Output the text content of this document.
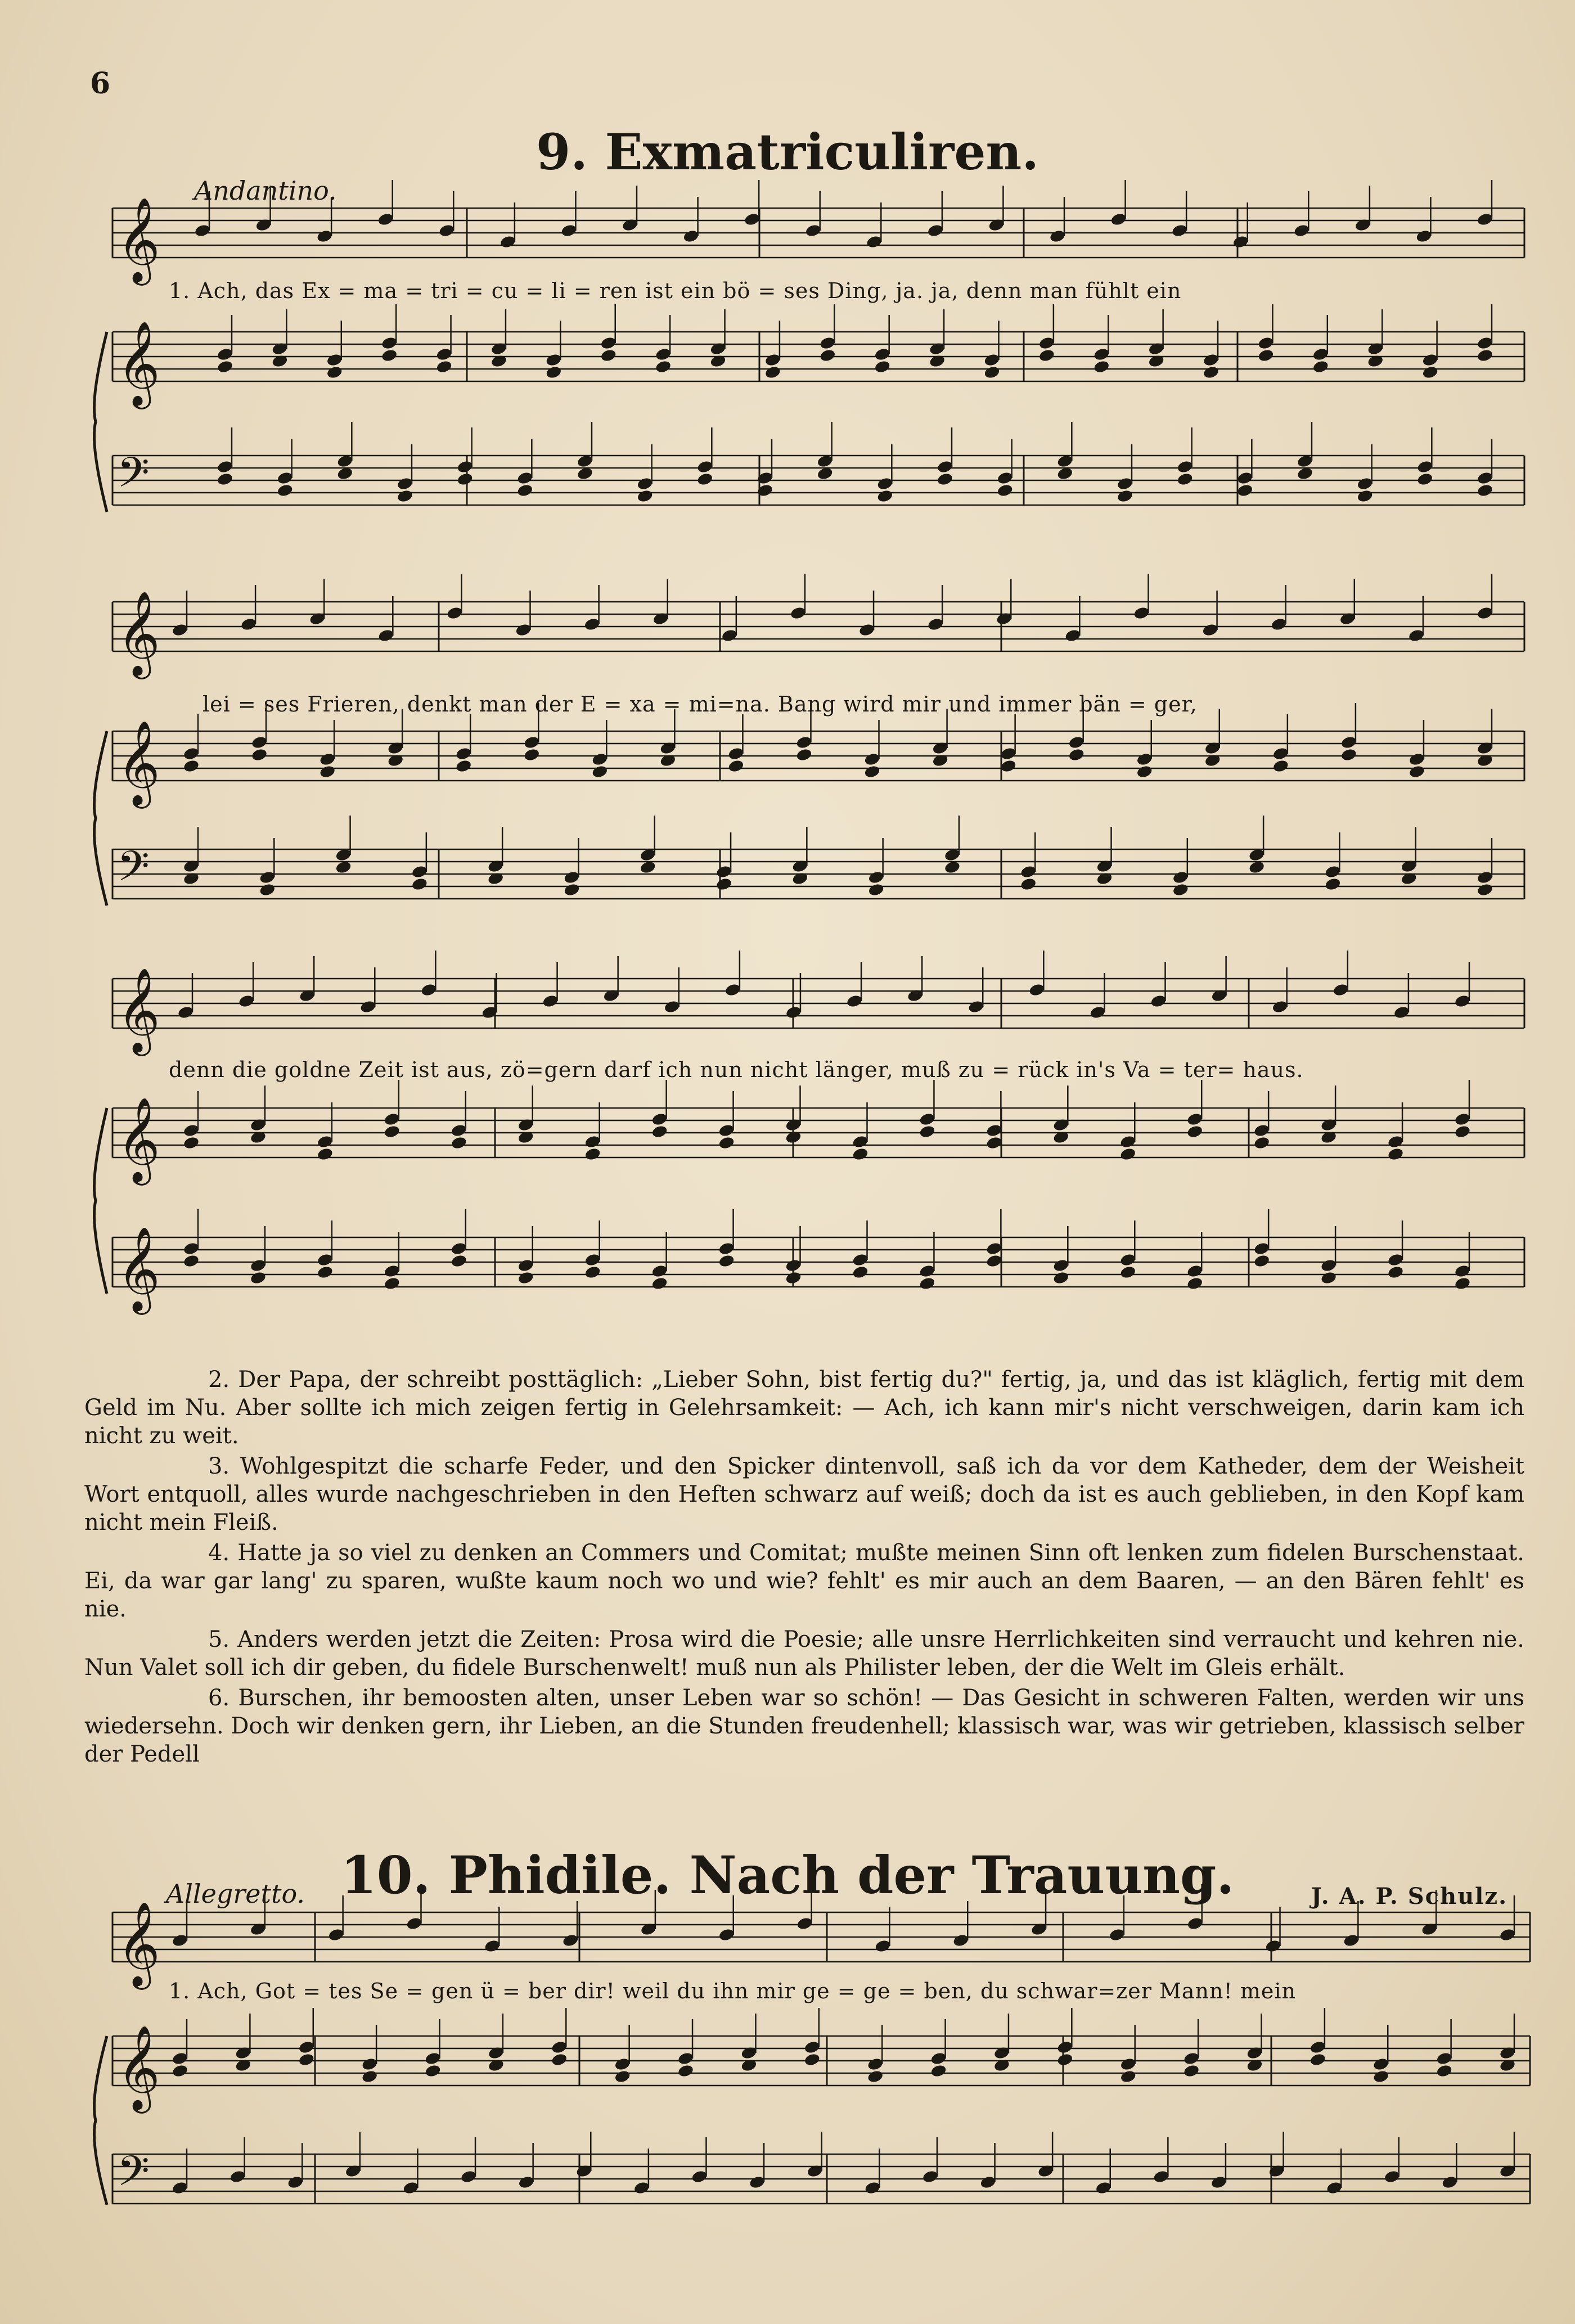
6
9. Exmatriculiren.
Andantino.
𝄞
𝄞
𝄢
1. Ach, das Ex = ma = tri = cu = li = ren ist ein bö = ses Ding, ja. ja, denn man fühlt ein
𝄞
𝄞
𝄢
lei = ses Frieren, denkt man der E = xa = mi=na. Bang wird mir und immer bän = ger,
𝄞
𝄞
𝄞
denn die goldne Zeit ist aus, zö=gern darf ich nun nicht länger, muß zu = rück in's Va = ter= haus.

2. Der Papa, der schreibt posttäglich: „Lieber Sohn, bist fertig du?" fertig, ja, und das ist kläglich, fertig mit dem Geld im Nu. Aber sollte ich mich zeigen fertig in Gelehrsamkeit: — Ach, ich kann mir's nicht verschweigen, darin kam ich nicht zu weit.

3. Wohlgespitzt die scharfe Feder, und den Spicker dintenvoll, saß ich da vor dem Katheder, dem der Weisheit Wort entquoll, alles wurde nachgeschrieben in den Heften schwarz auf weiß; doch da ist es auch geblieben, in den Kopf kam nicht mein Fleiß.

4. Hatte ja so viel zu denken an Commers und Comitat; mußte meinen Sinn oft lenken zum fidelen Burschenstaat. Ei, da war gar lang' zu sparen, wußte kaum noch wo und wie? fehlt' es mir auch an dem Baaren, — an den Bären fehlt' es nie.

5. Anders werden jetzt die Zeiten: Prosa wird die Poesie; alle unsre Herrlichkeiten sind verraucht und kehren nie. Nun Valet soll ich dir geben, du fidele Burschenwelt! muß nun als Philister leben, der die Welt im Gleis erhält.

6. Burschen, ihr bemoosten alten, unser Leben war so schön! — Das Gesicht in schweren Falten, werden wir uns wiedersehn. Doch wir denken gern, ihr Lieben, an die Stunden freudenhell; klassisch war, was wir getrieben, klassisch selber der Pedell

10. Phidile. Nach der Trauung.
Allegretto.	J. A. P. Schulz.
𝄞
𝄞
𝄢
1. Ach, Got = tes Se = gen ü = ber dir! weil du ihn mir ge = ge = ben, du schwar=zer Mann! mein
